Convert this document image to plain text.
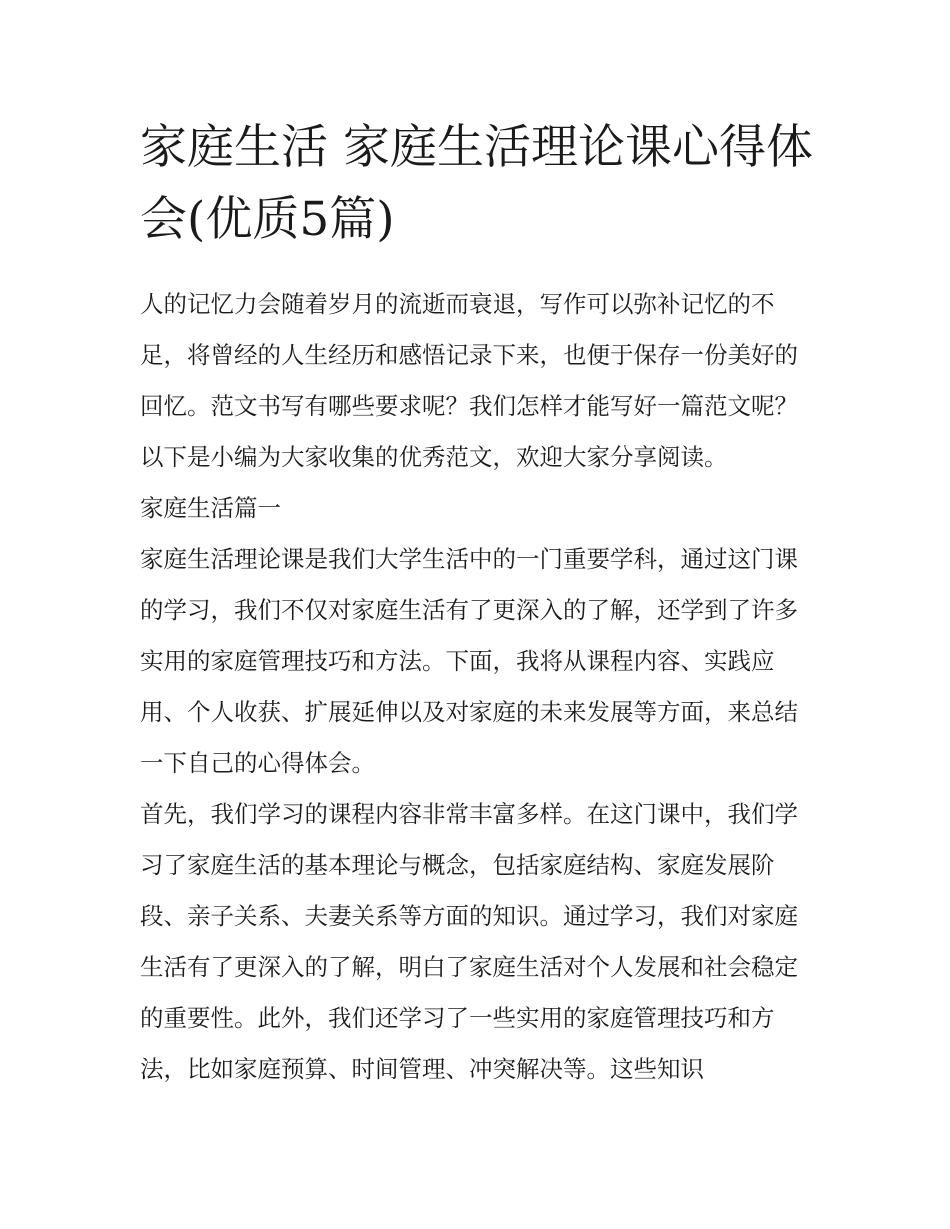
家庭生活 家庭生活理论课心得体会(优质5篇)

人的记忆力会随着岁月的流逝而衰退，写作可以弥补记忆的不足，将曾经的人生经历和感悟记录下来，也便于保存一份美好的回忆。范文书写有哪些要求呢？我们怎样才能写好一篇范文呢？以下是小编为大家收集的优秀范文，欢迎大家分享阅读。

家庭生活篇一

家庭生活理论课是我们大学生活中的一门重要学科，通过这门课的学习，我们不仅对家庭生活有了更深入的了解，还学到了许多实用的家庭管理技巧和方法。下面，我将从课程内容、实践应用、个人收获、扩展延伸以及对家庭的未来发展等方面，来总结一下自己的心得体会。

首先，我们学习的课程内容非常丰富多样。在这门课中，我们学习了家庭生活的基本理论与概念，包括家庭结构、家庭发展阶段、亲子关系、夫妻关系等方面的知识。通过学习，我们对家庭生活有了更深入的了解，明白了家庭生活对个人发展和社会稳定的重要性。此外，我们还学习了一些实用的家庭管理技巧和方法，比如家庭预算、时间管理、冲突解决等。这些知识
